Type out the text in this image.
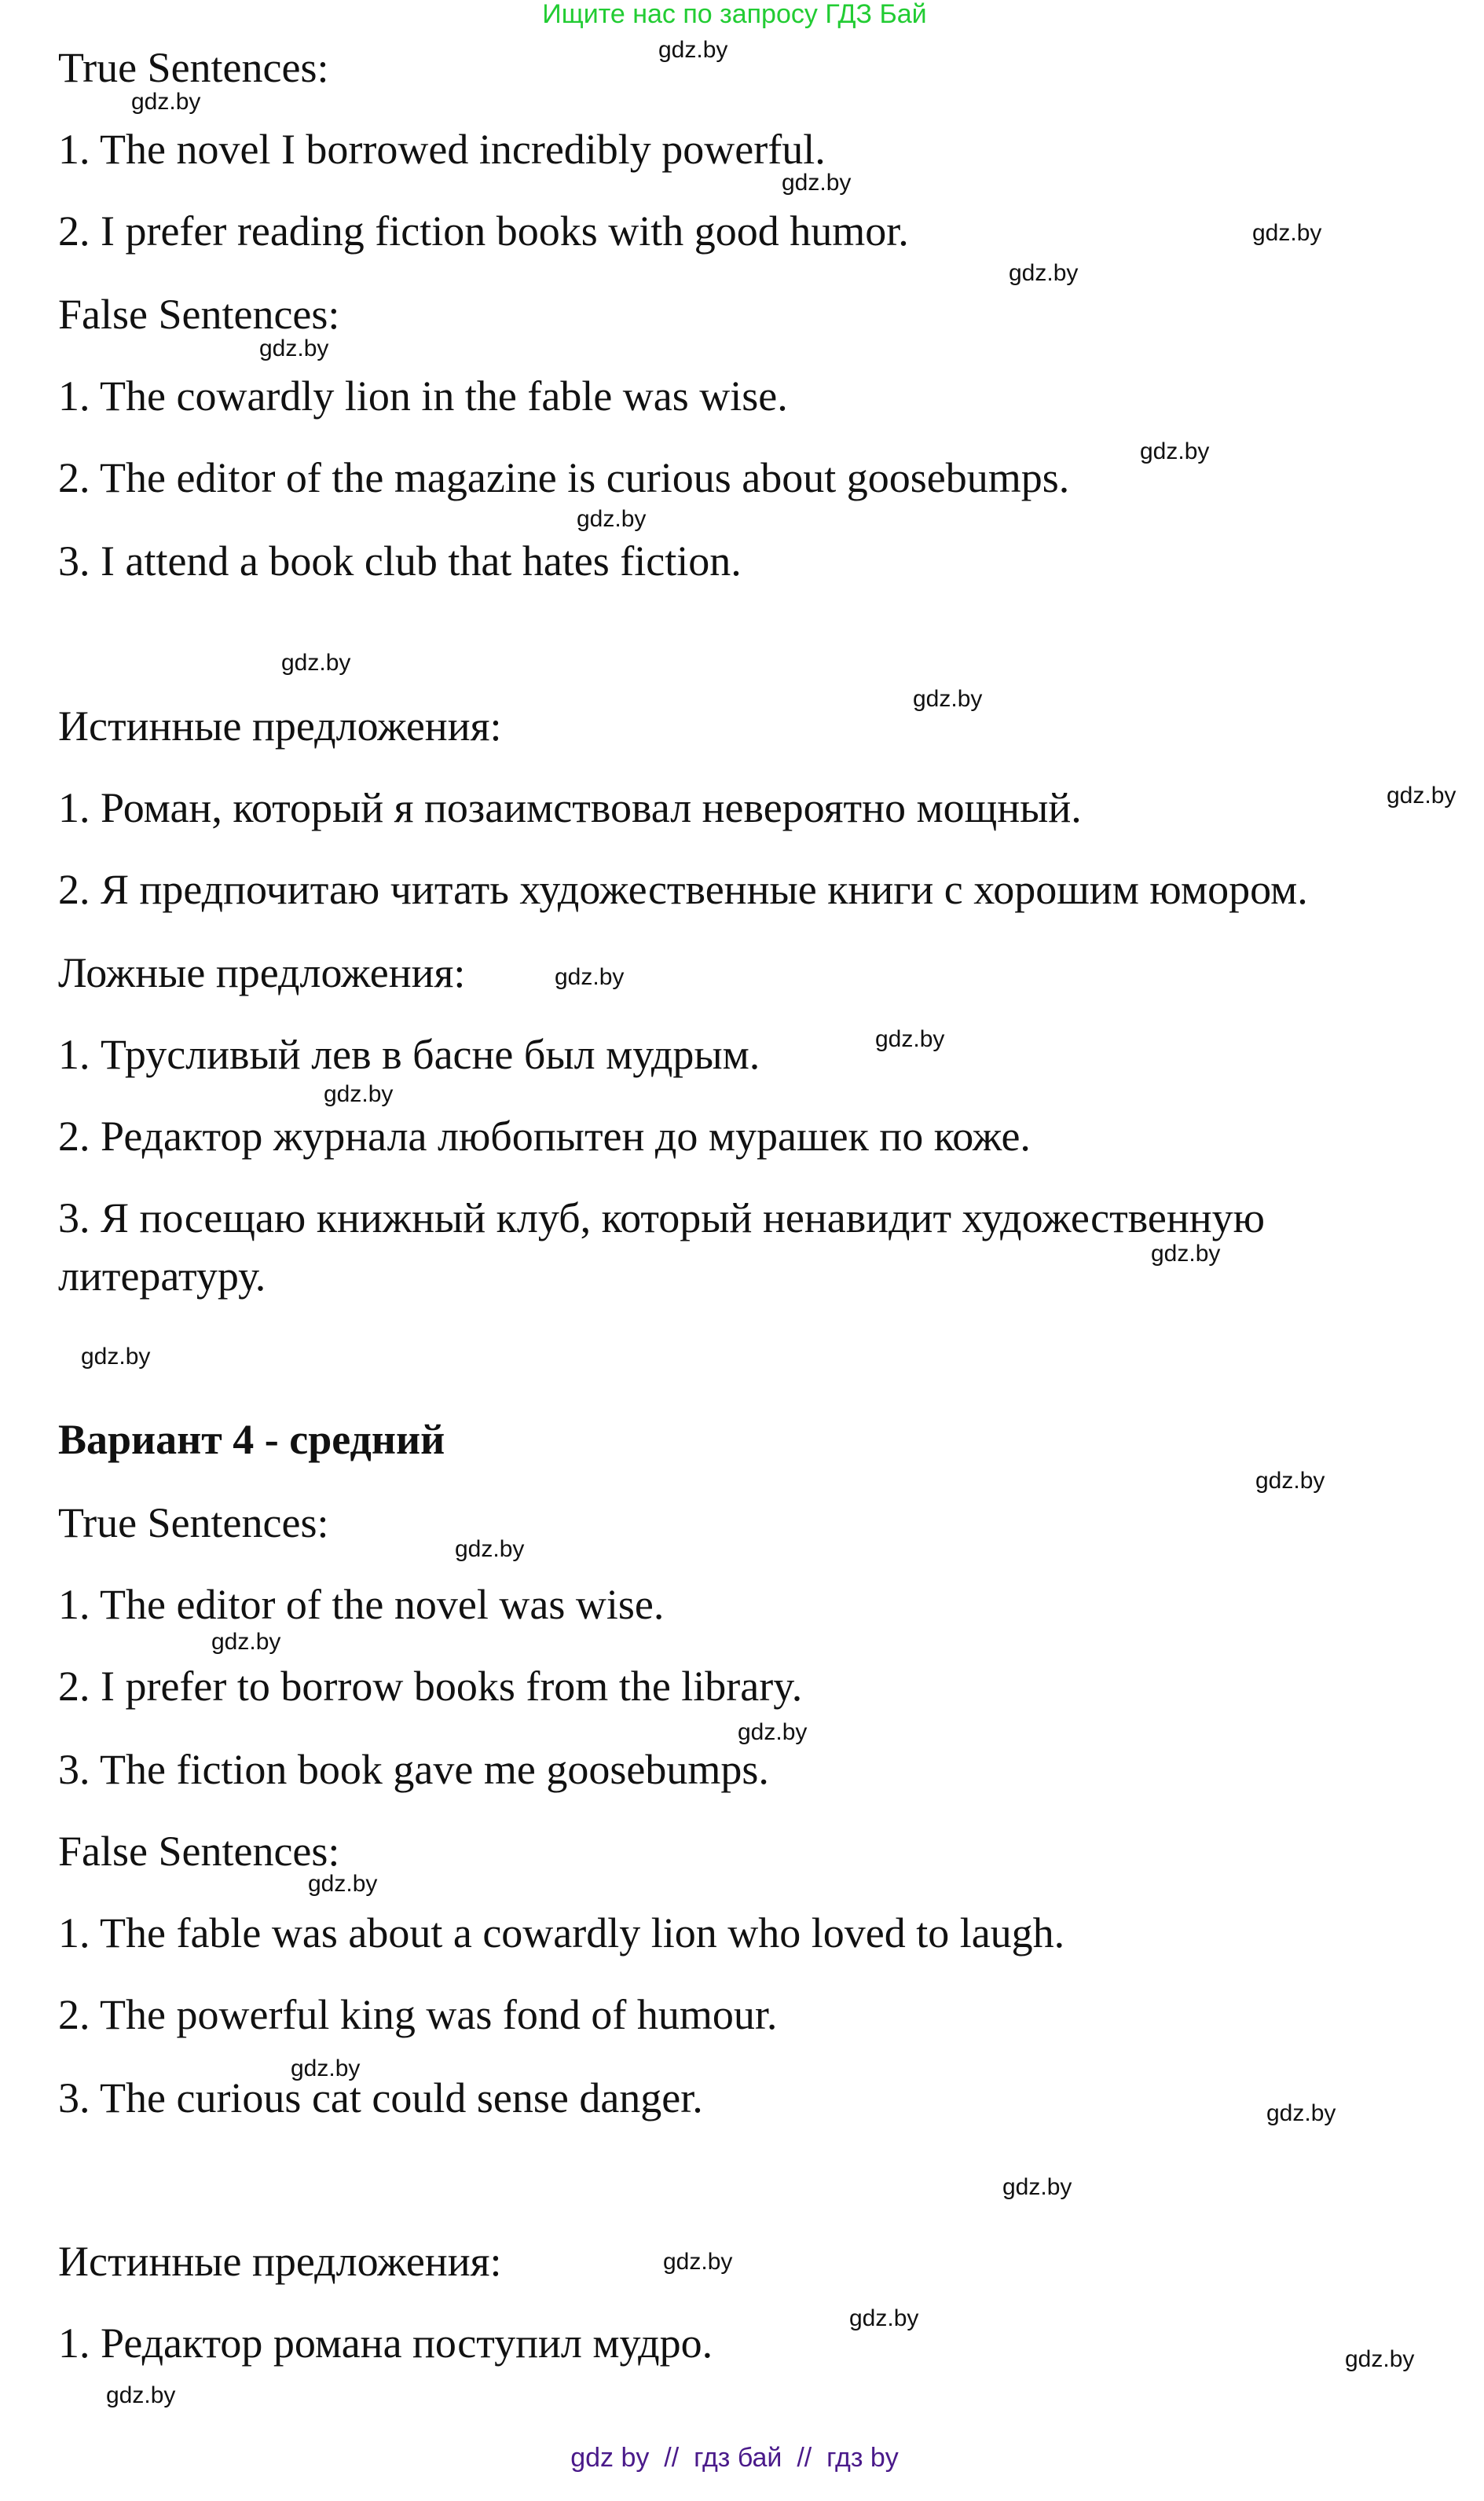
Ищите нас по запросу ГДЗ Бай
True Sentences:
1. The novel I borrowed incredibly powerful.
2. I prefer reading fiction books with good humor.
False Sentences:
1. The cowardly lion in the fable was wise.
2. The editor of the magazine is curious about goosebumps.
3. I attend a book club that hates fiction.
Истинные предложения:
1. Роман, который я позаимствовал невероятно мощный.
2. Я предпочитаю читать художественные книги с хорошим юмором.
Ложные предложения:
1. Трусливый лев в басне был мудрым.
2. Редактор журнала любопытен до мурашек по коже.
3. Я посещаю книжный клуб, который ненавидит художественную
литературу.
Вариант 4 - средний
True Sentences:
1. The editor of the novel was wise.
2. I prefer to borrow books from the library.
3. The fiction book gave me goosebumps.
False Sentences:
1. The fable was about a cowardly lion who loved to laugh.
2. The powerful king was fond of humour.
3. The curious cat could sense danger.
Истинные предложения:
1. Редактор романа поступил мудро.
gdz.by
gdz.by
gdz.by
gdz.by
gdz.by
gdz.by
gdz.by
gdz.by
gdz.by
gdz.by
gdz.by
gdz.by
gdz.by
gdz.by
gdz.by
gdz.by
gdz.by
gdz.by
gdz.by
gdz.by
gdz.by
gdz.by
gdz.by
gdz.by
gdz.by
gdz.by
gdz.by
gdz.by
gdz by  //  гдз бай  //  гдз by
